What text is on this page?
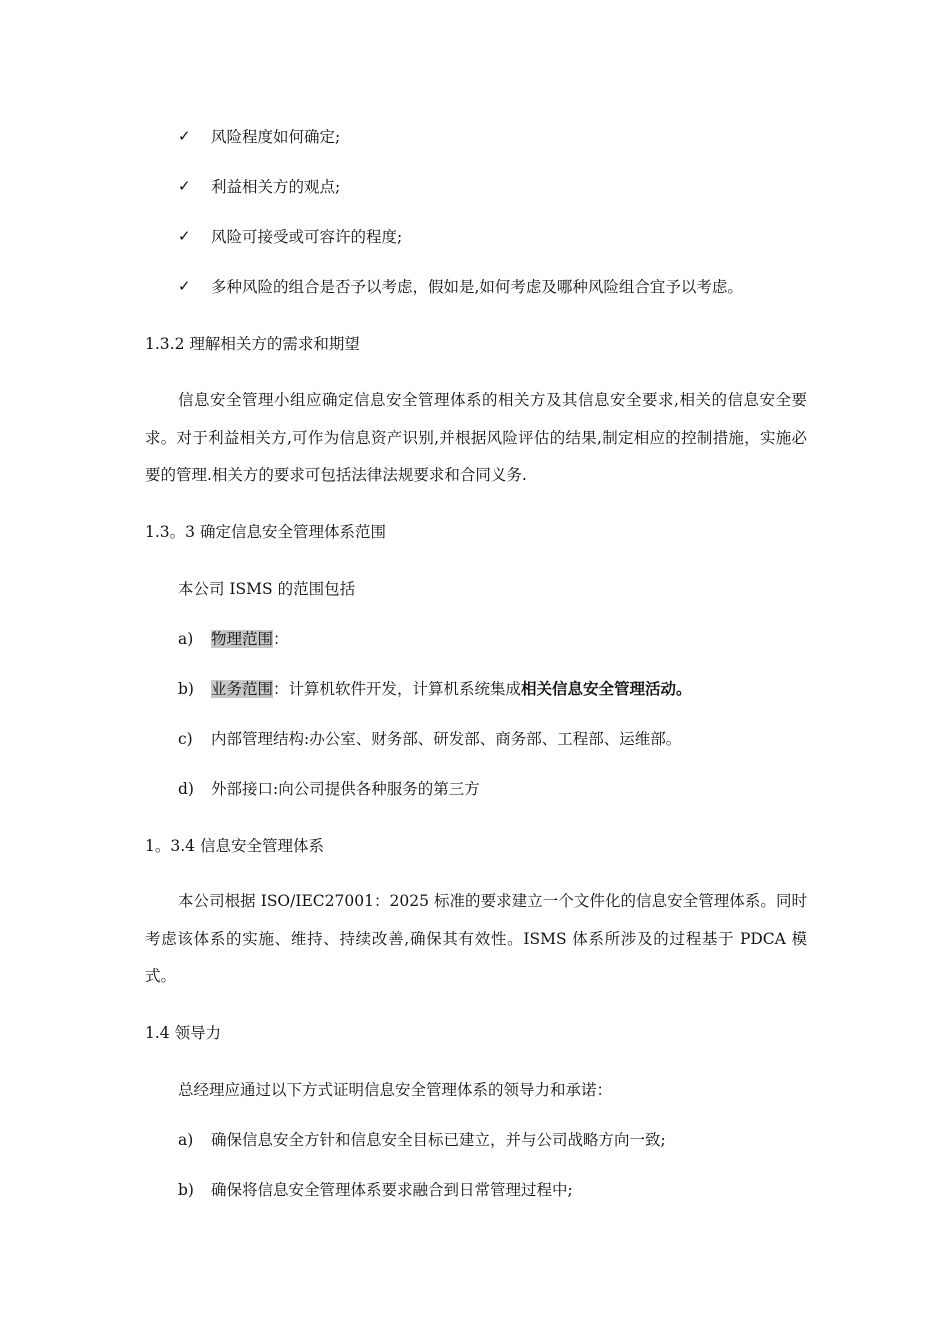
✓ 风险程度如何确定;
✓ 利益相关方的观点;
✓ 风险可接受或可容许的程度;
✓ 多种风险的组合是否予以考虑，假如是,如何考虑及哪种风险组合宜予以考虑。
1.3.2 理解相关方的需求和期望
信息安全管理小组应确定信息安全管理体系的相关方及其信息安全要求,相关的信息安全要求。对于利益相关方,可作为信息资产识别,并根据风险评估的结果,制定相应的控制措施，实施必要的管理.相关方的要求可包括法律法规要求和合同义务.
1.3。3 确定信息安全管理体系范围
本公司 ISMS 的范围包括
a) 物理范围：
b) 业务范围：计算机软件开发，计算机系统集成相关信息安全管理活动。
c) 内部管理结构:办公室、财务部、研发部、商务部、工程部、运维部。
d) 外部接口:向公司提供各种服务的第三方
1。3.4 信息安全管理体系
本公司根据 ISO/IEC27001：2025 标准的要求建立一个文件化的信息安全管理体系。同时考虑该体系的实施、维持、持续改善,确保其有效性。ISMS 体系所涉及的过程基于 PDCA 模式。
1.4 领导力
总经理应通过以下方式证明信息安全管理体系的领导力和承诺：
a) 确保信息安全方针和信息安全目标已建立，并与公司战略方向一致;
b) 确保将信息安全管理体系要求融合到日常管理过程中;
